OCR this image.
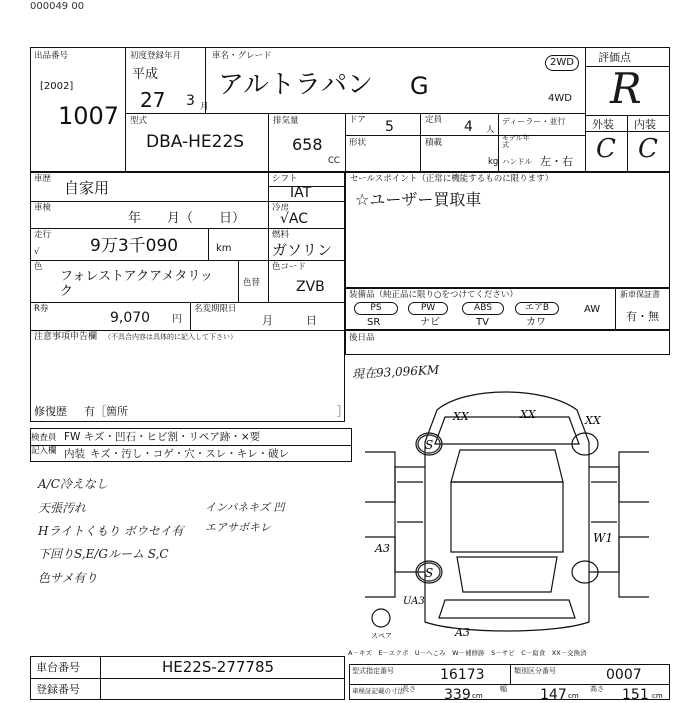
000049 00
出品番号
[2002]
1007
初度登録年月
平成
27 3 月
車名・グレード
アルトラパン G
2WD
4WD
型式
DBA-HE22S
排気量
658
CC
ドア 5	定員 4 人
形状	積載
kg
ディーラー・並行
モデル年式
ハンドル 左・右
評価点
R
外装 内装
C C
車歴 自家用
車検
年　　月（　　日）
走行
√	9万3千090	km
色
フォレストアクアメタリッ
ク
色替
R券
9,070 円
名変期限日
月　　　日
注意事項申告欄 （不具合内容は具体的に記入して下さい）
修復歴 有［箇所	］
シフト
IAT
冷房
√AC
燃料
ガソリン
色コード
ZVB
セールスポイント（正常に機能するものに限ります）
☆ユーザー買取車
装備品（純正品に限り○をつけてください）
PS	PW	ABS	エアB	AW
SR	ナビ	TV	カワ
新車保証書
有・無
後日品
検査員
記入欄
FW キズ・凹石・ヒビ割・リペア跡・×要
内装 キズ・汚し・コゲ・穴・スレ・キレ・破レ
現在93,096KM
A/C冷えなし
天張汚れ
Hライトくもり ボウセイ有
下回りS,E/Gルーム S,C
色サメ有り
インパネキズ 凹
エアサボキレ
XX	XX	XX
S
W1
A3
S
UA3
A3
スペア
A－キズ　E－エクボ　U－へこみ　W－補修跡　S－サビ　C－腐食　XX－交換済
車台番号	HE22S-277785
登録番号
型式指定番号	16173	類別区分番号	0007
車検証記載の寸法
長さ 339 cm
幅 147 cm
高さ 151 cm
